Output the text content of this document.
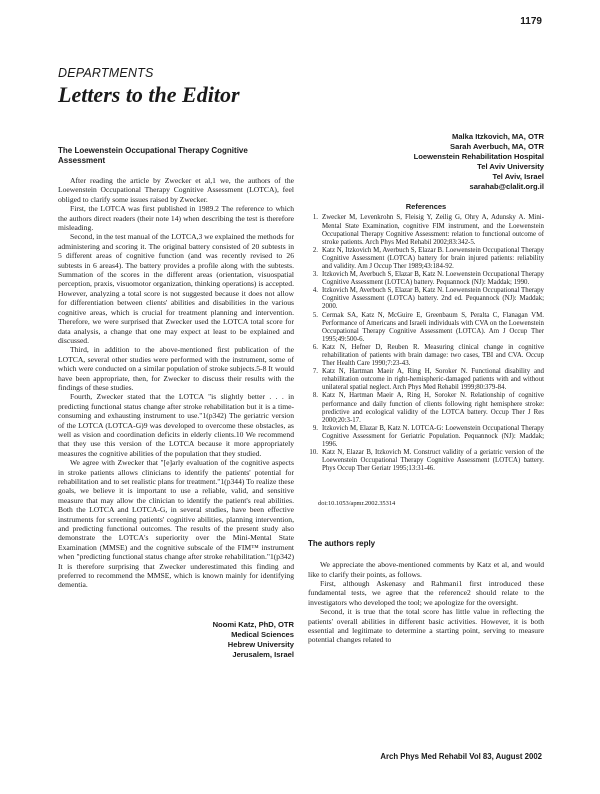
1179
DEPARTMENTS
Letters to the Editor
The Loewenstein Occupational Therapy Cognitive Assessment

After reading the article by Zwecker et al,1 we, the authors of the Loewenstein Occupational Therapy Cognitive Assessment (LOTCA), feel obliged to clarify some issues raised by Zwecker.

First, the LOTCA was first published in 1989.2 The reference to which the authors direct readers (their note 14) when describing the test is therefore misleading.

Second, in the test manual of the LOTCA,3 we explained the methods for administering and scoring it. The original battery consisted of 20 subtests in 5 different areas of cognitive function (and was recently revised to 26 subtests in 6 areas4). The battery provides a profile along with the subtests. Summation of the scores in the different areas (orientation, visuospatial perception, praxis, visuomotor organization, thinking operations) is accepted. However, analyzing a total score is not suggested because it does not allow for differentiation between clients' abilities and disabilities in the various cognitive areas, which is crucial for treatment planning and intervention. Therefore, we were surprised that Zwecker used the LOTCA total score for data analysis, a change that one may expect at least to be explained and discussed.

Third, in addition to the above-mentioned first publication of the LOTCA, several other studies were performed with the instrument, some of which were conducted on a similar population of stroke subjects.5-8 It would have been appropriate, then, for Zwecker to discuss their results with the findings of these studies.

Fourth, Zwecker stated that the LOTCA "is slightly better . . . in predicting functional status change after stroke rehabilitation but it is a time-consuming and exhausting instrument to use."1(p342) The geriatric version of the LOTCA (LOTCA-G)9 was developed to overcome these obstacles, as well as vision and coordination deficits in elderly clients.10 We recommend that they use this version of the LOTCA because it more appropriately measures the cognitive abilities of the population that they studied.

We agree with Zwecker that "[e]arly evaluation of the cognitive aspects in stroke patients allows clinicians to identify the patients' potential for rehabilitation and to set realistic plans for treatment."1(p344) To realize these goals, we believe it is important to use a reliable, valid, and sensitive measure that may allow the clinician to identify the patient's real abilities. Both the LOTCA and LOTCA-G, in several studies, have been effective instruments for screening patients' cognitive abilities, planning intervention, and predicting functional outcomes. The results of the present study also demonstrate the LOTCA's superiority over the Mini-Mental State Examination (MMSE) and the cognitive subscale of the FIM™ instrument when "predicting functional status change after stroke rehabilitation."1(p342) It is therefore surprising that Zwecker underestimated this finding and preferred to recommend the MMSE, which is known mainly for identifying dementia.

Noomi Katz, PhD, OTR
Medical Sciences
Hebrew University
Jerusalem, Israel
Malka Itzkovich, MA, OTR
Sarah Averbuch, MA, OTR
Loewenstein Rehabilitation Hospital
Tel Aviv University
Tel Aviv, Israel
sarahab@clalit.org.il
References
1. Zwecker M, Levenkrohn S, Fleisig Y, Zeilig G, Ohry A, Adunsky A. Mini-Mental State Examination, cognitive FIM instrument, and the Loewenstein Occupational Therapy Cognitive Assessment: relation to functional outcome of stroke patients. Arch Phys Med Rehabil 2002;83:342-5.
2. Katz N, Itzkovich M, Averbuch S, Elazar B. Loewenstein Occupational Therapy Cognitive Assessment (LOTCA) battery for brain injured patients: reliability and validity. Am J Occup Ther 1989;43:184-92.
3. Itzkovich M, Averbuch S, Elazar B, Katz N. Loewenstein Occupational Therapy Cognitive Assessment (LOTCA) battery. Pequannock (NJ): Maddak; 1990.
4. Itzkovich M, Averbuch S, Elazar B, Katz N. Loewenstein Occupational Therapy Cognitive Assessment (LOTCA) battery. 2nd ed. Pequannock (NJ): Maddak; 2000.
5. Cermak SA, Katz N, McGuire E, Greenbaum S, Peralta C, Flanagan VM. Performance of Americans and Israeli individuals with CVA on the Loewenstein Occupational Therapy Cognitive Assessment (LOTCA). Am J Occup Ther 1995;49:500-6.
6. Katz N, Hefner D, Reuben R. Measuring clinical change in cognitive rehabilitation of patients with brain damage: two cases, TBI and CVA. Occup Ther Health Care 1990;7:23-43.
7. Katz N, Hartman Maeir A, Ring H, Soroker N. Functional disability and rehabilitation outcome in right-hemispheric-damaged patients with and without unilateral spatial neglect. Arch Phys Med Rehabil 1999;80:379-84.
8. Katz N, Hartman Maeir A, Ring H, Soroker N. Relationship of cognitive performance and daily function of clients following right hemisphere stroke: predictive and ecological validity of the LOTCA battery. Occup Ther J Res 2000;20:3-17.
9. Itzkovich M, Elazar B, Katz N. LOTCA-G: Loewenstein Occupational Therapy Cognitive Assessment for Geriatric Population. Pequannock (NJ): Maddak; 1996.
10. Katz N, Elazar B, Itzkovich M. Construct validity of a geriatric version of the Loewenstein Occupational Therapy Cognitive Assessment (LOTCA) battery. Phys Occup Ther Geriatr 1995;13:31-46.
doi:10.1053/apmr.2002.35314
The authors reply

We appreciate the above-mentioned comments by Katz et al, and would like to clarify their points, as follows.

First, although Askenasy and Rahmani1 first introduced these fundamental tests, we agree that the reference2 should relate to the investigators who developed the tool; we apologize for the oversight.

Second, it is true that the total score has little value in reflecting the patients' overall abilities in different basic activities. However, it is both essential and legitimate to determine a starting point, serving to measure potential changes related to

Arch Phys Med Rehabil Vol 83, August 2002
